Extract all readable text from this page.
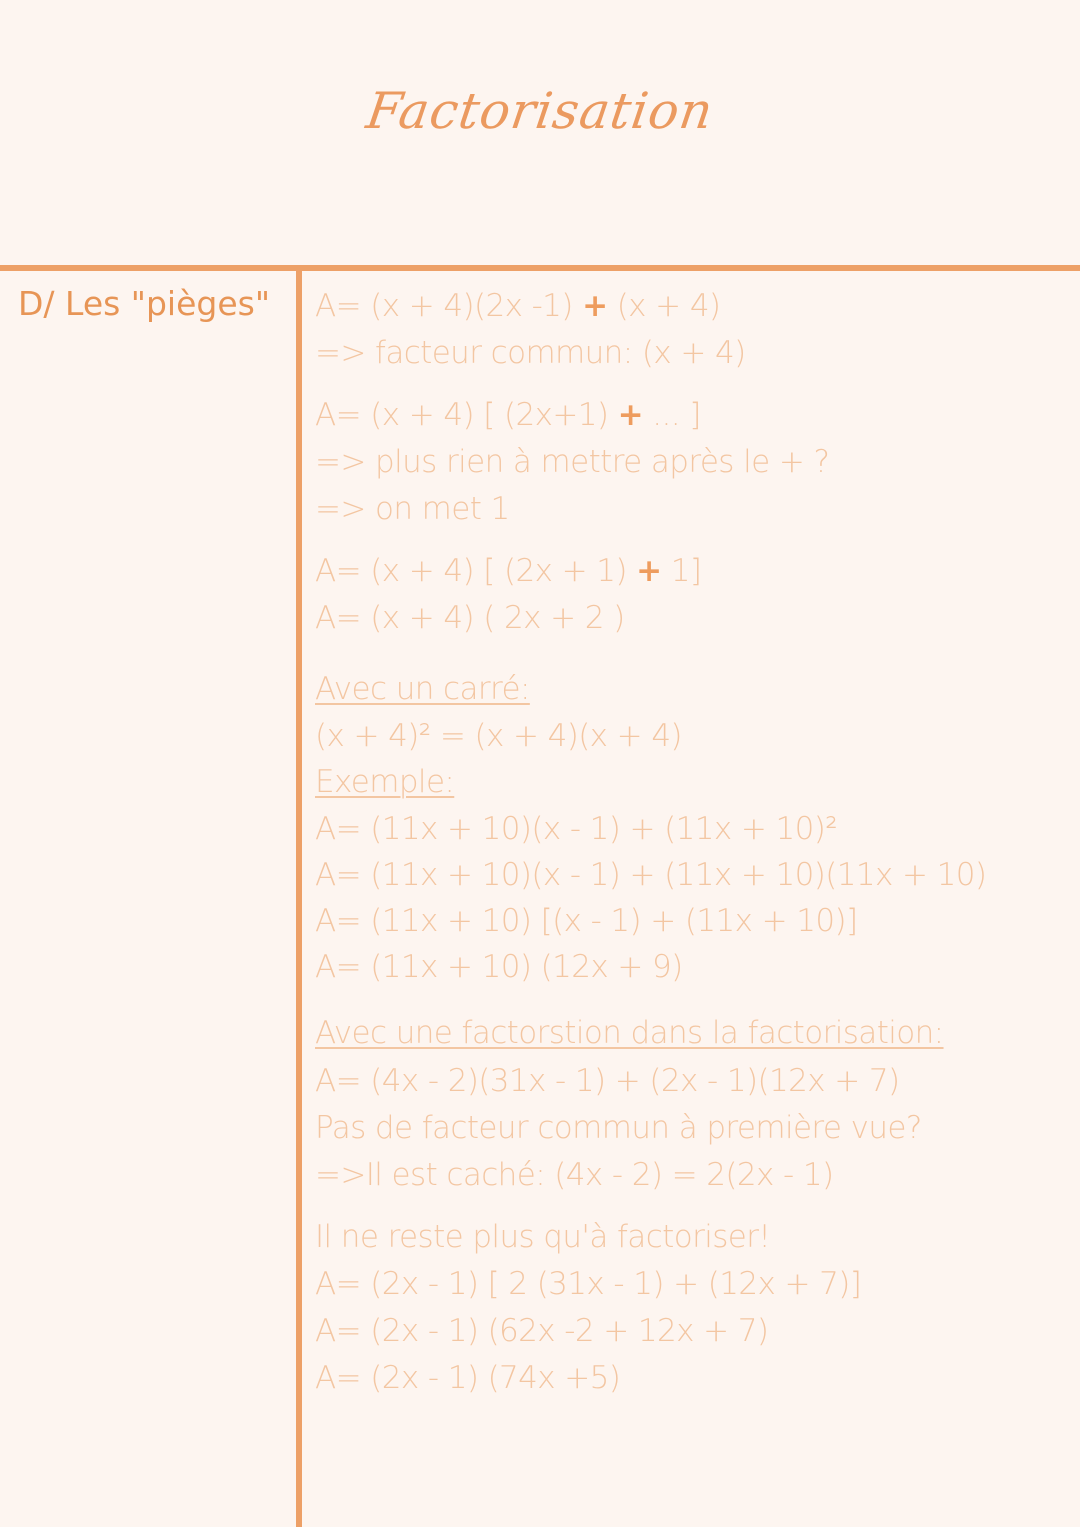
Factorisation
D/ Les "pièges" A= (x + 4)(2x -1) + (x + 4)
=> facteur commun: (x + 4)
A= (x + 4) [ (2x+1) + ... ]
=> plus rien à mettre après le + ?
=> on met 1
A= (x + 4) [ (2x + 1) + 1]
A= (x + 4) ( 2x + 2 )
Avec un carré:
(x + 4)² = (x + 4)(x + 4)
Exemple:
A= (11x + 10)(x - 1) + (11x + 10)²
A= (11x + 10)(x - 1) + (11x + 10)(11x + 10)
A= (11x + 10) [(x - 1) + (11x + 10)]
A= (11x + 10) (12x + 9)
Avec une factorstion dans la factorisation:
A= (4x - 2)(31x - 1) + (2x - 1)(12x + 7)
Pas de facteur commun à première vue?
=>Il est caché: (4x - 2) = 2(2x - 1)
Il ne reste plus qu'à factoriser!
A= (2x - 1) [ 2 (31x - 1) + (12x + 7)]
A= (2x - 1) (62x -2 + 12x + 7)
A= (2x - 1) (74x +5)
